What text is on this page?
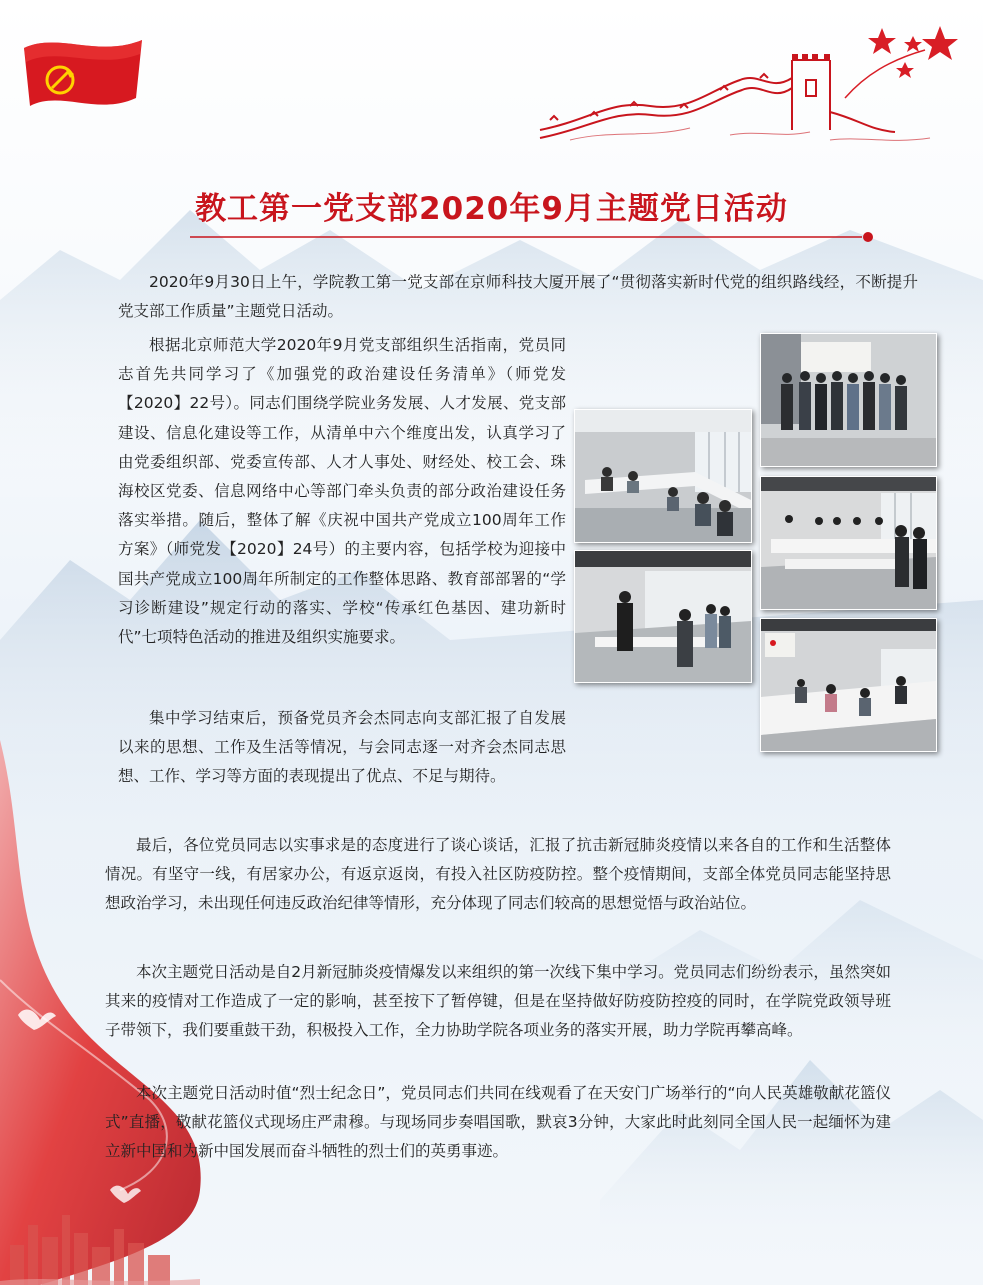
教工第一党支部2020年9月主题党日活动
2020年9月30日上午，学院教工第一党支部在京师科技大厦开展了“贯彻落实新时代党的组织路线经，不断提升党支部工作质量”主题党日活动。
根据北京师范大学2020年9月党支部组织生活指南，党员同志首先共同学习了《加强党的政治建设任务清单》（师党发【2020】22号）。同志们围绕学院业务发展、人才发展、党支部建设、信息化建设等工作，从清单中六个维度出发，认真学习了由党委组织部、党委宣传部、人才人事处、财经处、校工会、珠海校区党委、信息网络中心等部门牵头负责的部分政治建设任务落实举措。随后，整体了解《庆祝中国共产党成立100周年工作方案》（师党发【2020】24号）的主要内容，包括学校为迎接中国共产党成立100周年所制定的工作整体思路、教育部部署的“学习诊断建设”规定行动的落实、学校“传承红色基因、建功新时代”七项特色活动的推进及组织实施要求。
集中学习结束后，预备党员齐会杰同志向支部汇报了自发展以来的思想、工作及生活等情况，与会同志逐一对齐会杰同志思想、工作、学习等方面的表现提出了优点、不足与期待。
最后，各位党员同志以实事求是的态度进行了谈心谈话，汇报了抗击新冠肺炎疫情以来各自的工作和生活整体情况。有坚守一线，有居家办公，有返京返岗，有投入社区防疫防控。整个疫情期间，支部全体党员同志能坚持思想政治学习，未出现任何违反政治纪律等情形，充分体现了同志们较高的思想觉悟与政治站位。
本次主题党日活动是自2月新冠肺炎疫情爆发以来组织的第一次线下集中学习。党员同志们纷纷表示，虽然突如其来的疫情对工作造成了一定的影响，甚至按下了暂停键，但是在坚持做好防疫防控疫的同时，在学院党政领导班子带领下，我们要重鼓干劲，积极投入工作，全力协助学院各项业务的落实开展，助力学院再攀高峰。
本次主题党日活动时值“烈士纪念日”，党员同志们共同在线观看了在天安门广场举行的“向人民英雄敬献花篮仪式”直播，敬献花篮仪式现场庄严肃穆。与现场同步奏唱国歌，默哀3分钟，大家此时此刻同全国人民一起缅怀为建立新中国和为新中国发展而奋斗牺牲的烈士们的英勇事迹。
